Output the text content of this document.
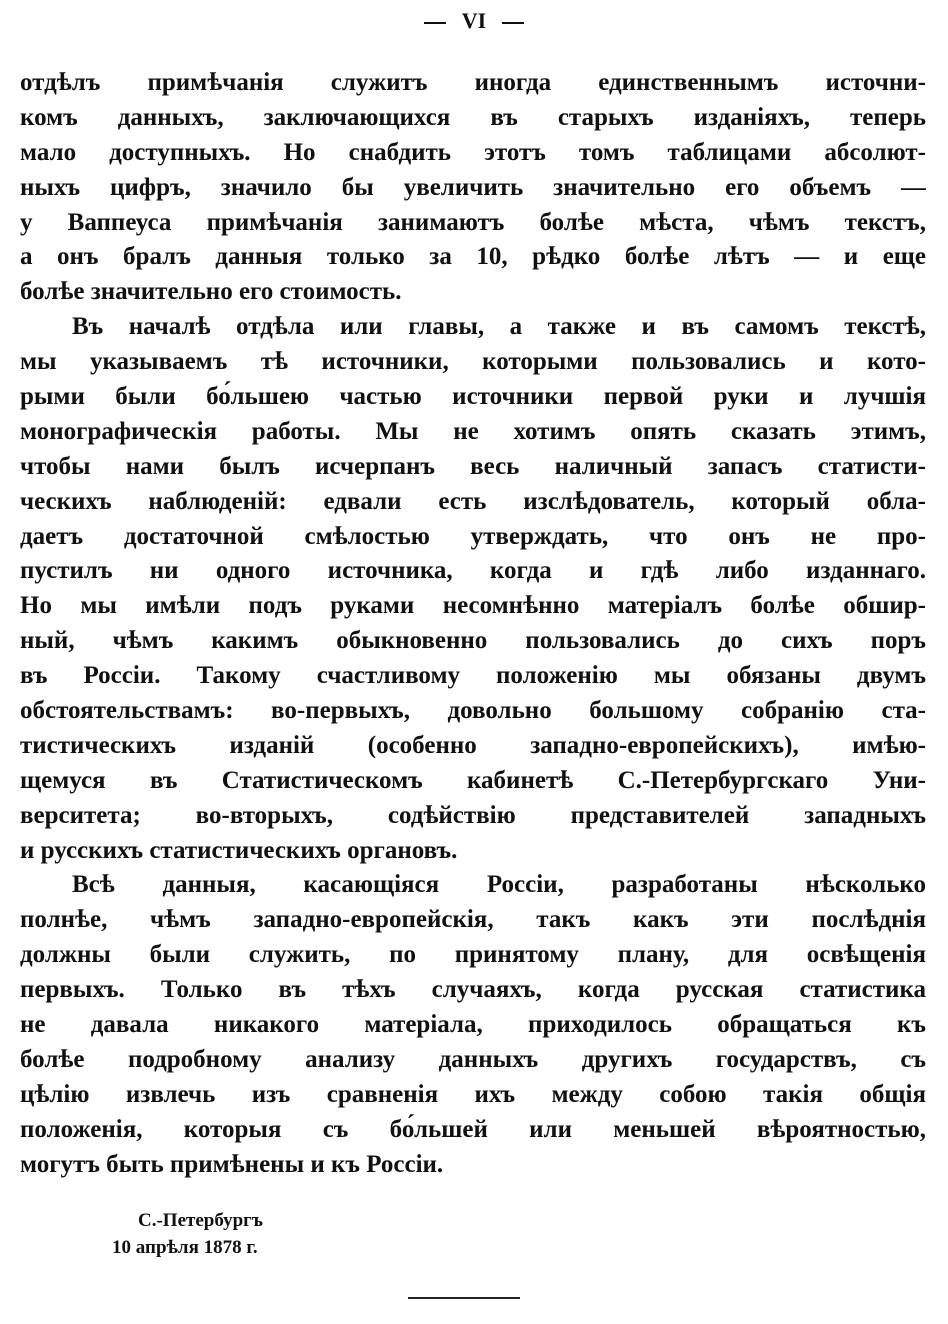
VI
отдѣлъ примѣчанія служитъ иногда единственнымъ источни-
комъ данныхъ, заключающихся въ старыхъ изданіяхъ, теперь
мало доступныхъ. Но снабдить этотъ томъ таблицами абсолют-
ныхъ цифръ, значило бы увеличить значительно его объемъ —
у Ваппеуса примѣчанія занимаютъ болѣе мѣста, чѣмъ текстъ,
а онъ бралъ данныя только за 10, рѣдко болѣе лѣтъ — и еще
болѣе значительно его стоимость.
Въ началѣ отдѣла или главы, а также и въ самомъ текстѣ,
мы указываемъ тѣ источники, которыми пользовались и кото-
рыми были бо́льшею частью источники первой руки и лучшія
монографическія работы. Мы не хотимъ опять сказать этимъ,
чтобы нами былъ исчерпанъ весь наличный запасъ статисти-
ческихъ наблюденій: едвали есть изслѣдователь, который обла-
даетъ достаточной смѣлостью утверждать, что онъ не про-
пустилъ ни одного источника, когда и гдѣ либо изданнаго.
Но мы имѣли подъ руками несомнѣнно матеріалъ болѣе обшир-
ный, чѣмъ какимъ обыкновенно пользовались до сихъ поръ
въ Россіи. Такому счастливому положенію мы обязаны двумъ
обстоятельствамъ: во-первыхъ, довольно большому собранію ста-
тистическихъ изданій (особенно западно-европейскихъ), имѣю-
щемуся въ Статистическомъ кабинетѣ С.-Петербургскаго Уни-
верситета; во-вторыхъ, содѣйствію представителей западныхъ
и русскихъ статистическихъ органовъ.
Всѣ данныя, касающіяся Россіи, разработаны нѣсколько
полнѣе, чѣмъ западно-европейскія, такъ какъ эти послѣднія
должны были служить, по принятому плану, для освѣщенія
первыхъ. Только въ тѣхъ случаяхъ, когда русская статистика
не давала никакого матеріала, приходилось обращаться къ
болѣе подробному анализу данныхъ другихъ государствъ, съ
цѣлію извлечь изъ сравненія ихъ между собою такія общія
положенія, которыя съ бо́льшей или меньшей вѣроятностью,
могутъ быть примѣнены и къ Россіи.
С.-Петербургъ
10 апрѣля 1878 г.
